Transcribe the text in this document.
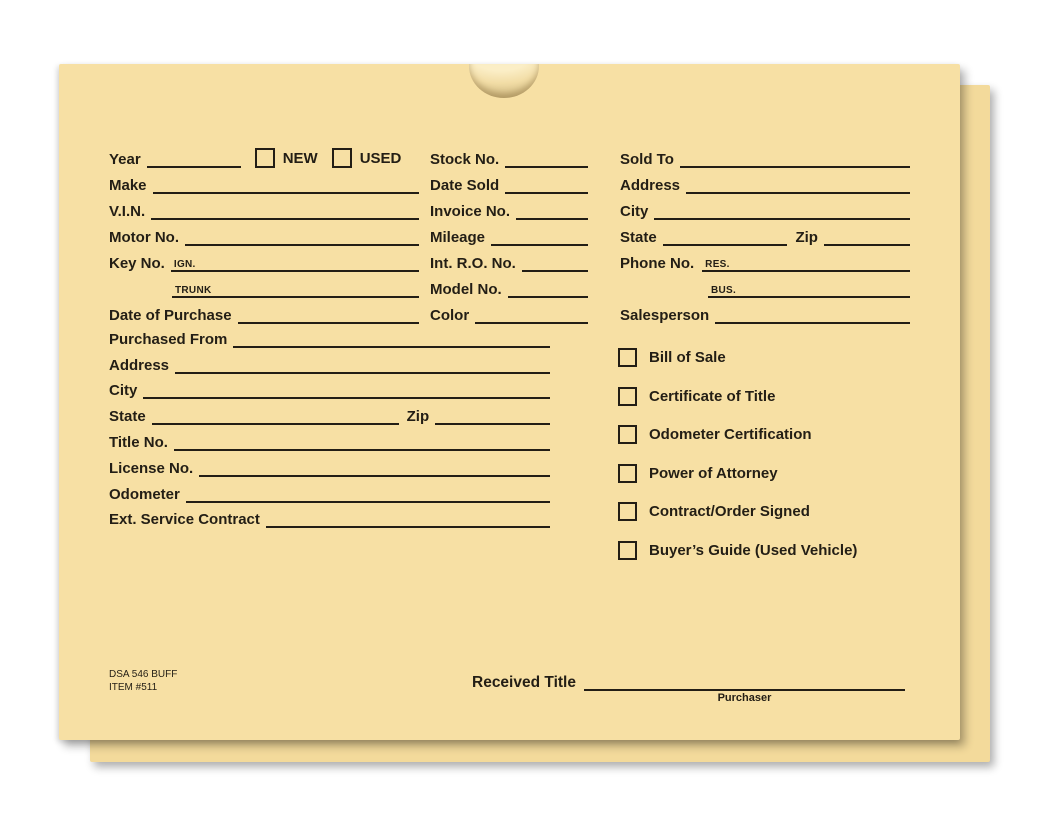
Year	NEW	USED
Make
V.I.N.
Motor No.
Key No. IGN.
TRUNK
Date of Purchase
Stock No.
Date Sold
Invoice No.
Mileage
Int. R.O. No.
Model No.
Color
Sold To
Address
City
State	Zip
Phone No.	RES.
BUS.
Salesperson
Purchased From
Address
City
State	Zip
Title No.
License No.
Odometer
Ext. Service Contract
Bill of Sale
Certificate of Title
Odometer Certification
Power of Attorney
Contract/Order Signed
Buyer’s Guide (Used Vehicle)
DSA 546 BUFF
ITEM #511	Received Title
Purchaser
